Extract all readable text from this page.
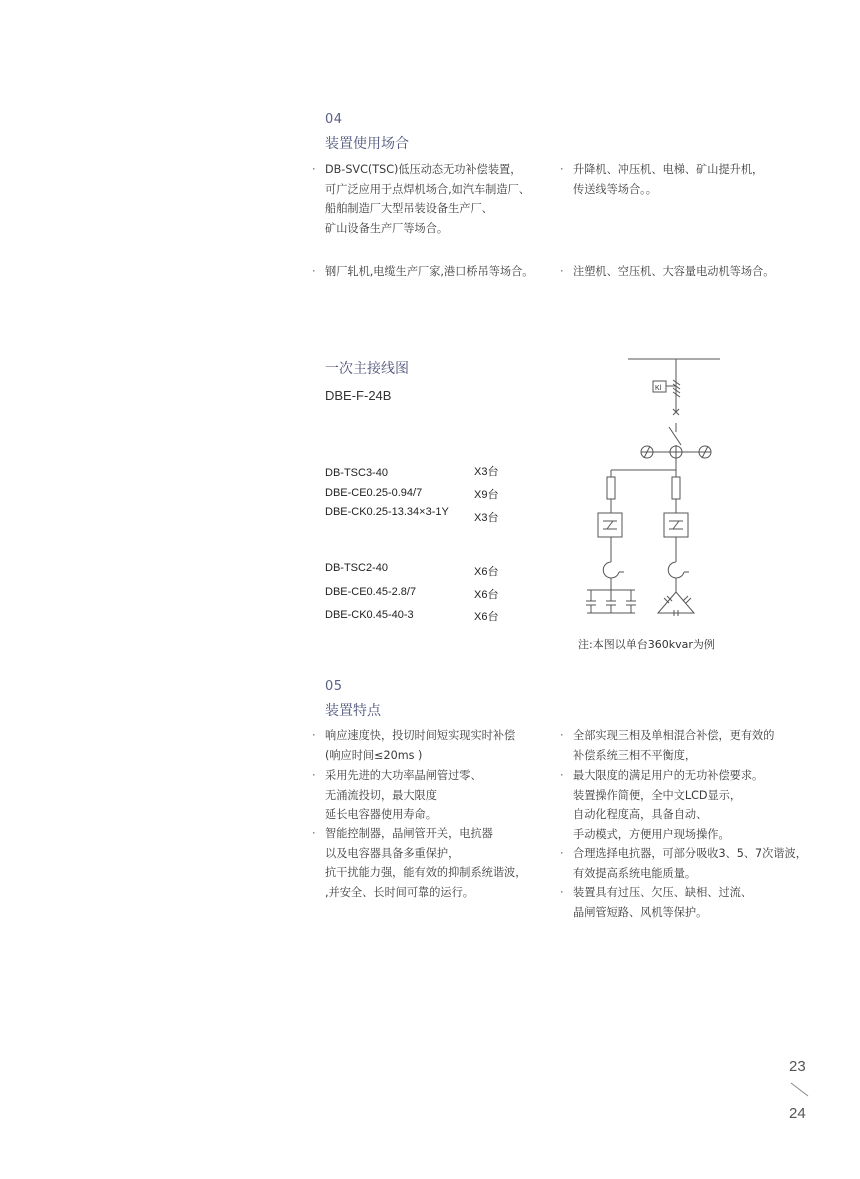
04
装置使用场合
· DB-SVC(TSC)低压动态无功补偿装置，
可广泛应用于点焊机场合,如汽车制造厂、
船舶制造厂大型吊装设备生产厂、
矿山设备生产厂等场合。
· 钢厂轧机,电缆生产厂家,港口桥吊等场合。
· 升降机、冲压机、电梯、矿山提升机，
传送线等场合。。
· 注塑机、空压机、大容量电动机等场合。
一次主接线图
DBE-F-24B
DB-TSC3-40	X3台
DBE-CE0.25-0.94/7	X9台
DBE-CK0.25-13.34×3-1Y X3台
DB-TSC2-40	X6台
DBE-CE0.45-2.8/7	X6台
DBE-CK0.45-40-3	X6台
Kl
注:本图以单台360kvar为例
05
装置特点
· 响应速度快，投切时间短实现实时补偿
(响应时间≤20ms )
· 采用先进的大功率晶闸管过零、
无涌流投切，最大限度
延长电容器使用寿命。
· 智能控制器，晶闸管开关，电抗器
以及电容器具备多重保护，
抗干扰能力强，能有效的抑制系统谐波，
,并安全、长时间可靠的运行。
· 全部实现三相及单相混合补偿，更有效的
补偿系统三相不平衡度，
· 最大限度的满足用户的无功补偿要求。
装置操作简便，全中文LCD显示，
自动化程度高，具备自动、
手动模式，方便用户现场操作。
· 合理选择电抗器，可部分吸收3、5、7次谐波，
有效提高系统电能质量。
· 装置具有过压、欠压、缺相、过流、
晶闸管短路、风机等保护。
23
24
